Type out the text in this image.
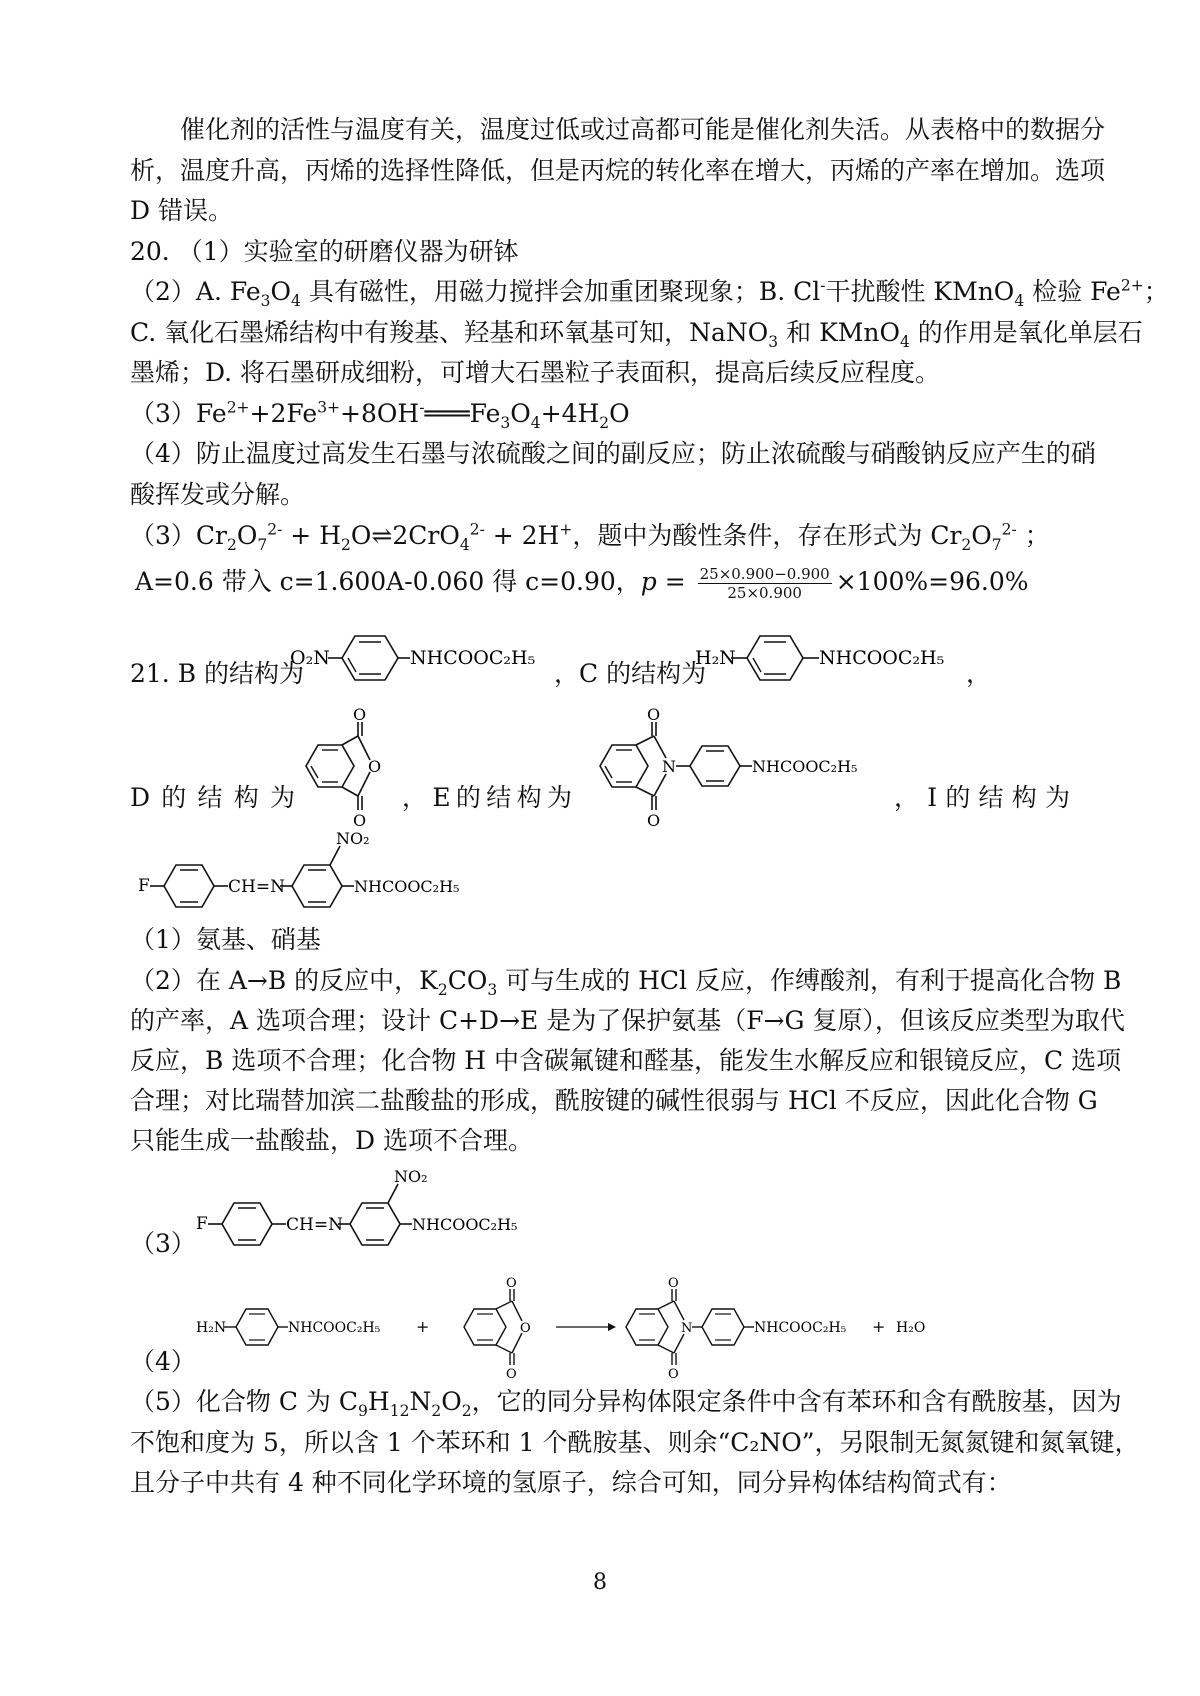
催化剂的活性与温度有关，温度过低或过高都可能是催化剂失活。从表格中的数据分
析，温度升高，丙烯的选择性降低，但是丙烷的转化率在增大，丙烯的产率在增加。选项
D 错误。
20. （1）实验室的研磨仪器为研钵
（2）A. $Fe_3O_4$ 具有磁性，用磁力搅拌会加重团聚现象；B. Cl-干扰酸性 KMnO$_4$ 检验 $Fe^{2+}$；
C. 氧化石墨烯结构中有羧基、羟基和环氧基可知，NaNO$_3$ 和 KMnO$_4$ 的作用是氧化单层石
墨烯；D. 将石墨研成细粉，可增大石墨粒子表面积，提高后续反应程度。
$(3)Fe^{2+}+2Fe^{3+}+8OH^-═══Fe_3O_4+4H_2O$
（4）防止温度过高发生石墨与浓硫酸之间的副反应；防止浓硫酸与硝酸钠反应产生的硝
酸挥发或分解。
$(3)Cr_2O_7^{2-}$ + $H_2O\rightleftharpoons 2CrO_4^{2-} + 2H^+$，题中为酸性条件，存在形式为 $Cr_2O_7^{2-}$ ；
A=0.6 带入 c=1.600A-0.060 得 c=0.90，$p = \frac{25\times 0.900-0.900}{25\times 0.900} \times 100\%=96.0\%$
21. B 的结构为
O₂N	NHCOOC₂H₅
，C 的结构为
H₂N	NHCOOC₂H₅
，
D 的 结 构 为
O
O
O
， E 的 结 构 为
O
O
N	NHCOOC₂H₅
， I 的 结 构 为
F	CH=N
NO₂
NHCOOC₂H₅
（1）氨基、硝基
（2）在 A→B 的反应中，$K_2CO_3$ 可与生成的 HCl 反应，作缚酸剂，有利于提高化合物 B
的产率，A 选项合理；设计 C+D→E 是为了保护氨基（F→G 复原），但该反应类型为取代
反应，B 选项不合理；化合物 H 中含碳氟键和醛基，能发生水解反应和银镜反应，C 选项
合理；对比瑞替加滨二盐酸盐的形成，酰胺键的碱性很弱与 HCl 不反应，因此化合物 G
只能生成一盐酸盐，D 选项不合理。
F	CH=N
NO₂
NHCOOC₂H₅
（3）
H₂N	NHCOOC₂H₅ +
O
O
O
O
O
N	NHCOOC₂H₅ + H₂O
（4）
（5）化合物 C 为 $C_9H_{12}N_2O_2$，它的同分异构体限定条件中含有苯环和含有酰胺基，因为
不饱和度为 5，所以含 1 个苯环和 1 个酰胺基、则余“C₂NO”，另限制无氮氮键和氮氧键，
且分子中共有 4 种不同化学环境的氢原子，综合可知，同分异构体结构简式有：
8
